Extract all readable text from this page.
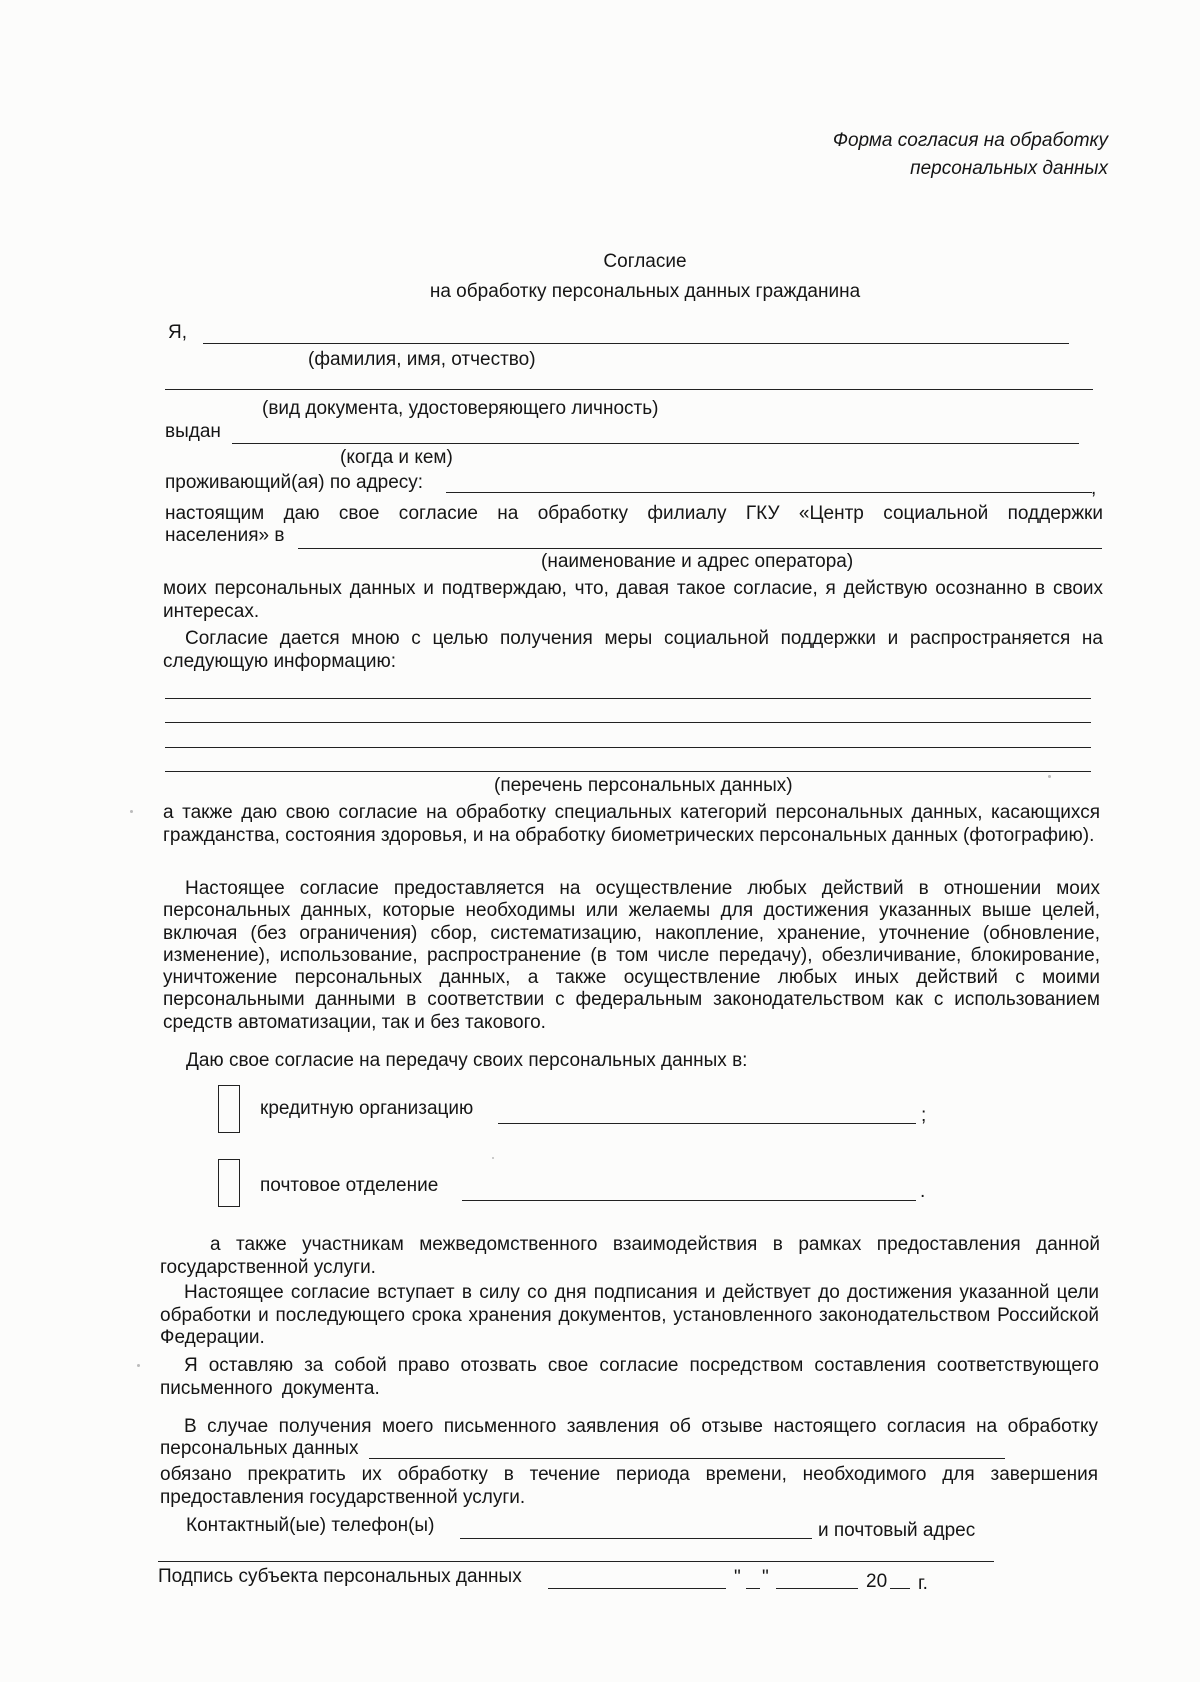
Форма согласия на обработку
персональных данных
Согласие
на обработку персональных данных гражданина
Я,
(фамилия, имя, отчество)
(вид документа, удостоверяющего личность)
выдан
(когда и кем)
проживающий(ая) по адресу:	,
настоящим даю свое согласие на обработку филиалу ГКУ «Центр социальной поддержки
населения» в
(наименование и адрес оператора)
моих персональных данных и подтверждаю, что, давая такое согласие, я действую осознанно в своих интересах.
Согласие дается мною с целью получения меры социальной поддержки и распространяется на следующую информацию:
(перечень персональных данных)
а также даю свою согласие на обработку специальных категорий персональных данных, касающихся гражданства, состояния здоровья, и на обработку биометрических персональных данных (фотографию).
Настоящее согласие предоставляется на осуществление любых действий в отношении моих персональных данных, которые необходимы или желаемы для достижения указанных выше целей, включая (без ограничения) сбор, систематизацию, накопление, хранение, уточнение (обновление, изменение), использование, распространение (в том числе передачу), обезличивание, блокирование, уничтожение персональных данных, а также осуществление любых иных действий с моими персональными данными в соответствии с федеральным законодательством как с использованием средств автоматизации, так и без такового.
Даю свое согласие на передачу своих персональных данных в:
кредитную организацию	;
почтовое отделение	.
а также участникам межведомственного взаимодействия в рамках предоставления данной государственной услуги.
Настоящее согласие вступает в силу со дня подписания и действует до достижения указанной цели обработки и последующего срока хранения документов, установленного законодательством Российской Федерации.
Я оставляю за собой право отозвать свое согласие посредством составления соответствующего письменного документа.
В случае получения моего письменного заявления об отзыве настоящего согласия на обработку
персональных данных
обязано прекратить их обработку в течение периода времени, необходимого для завершения предоставления государственной услуги.
Контактный(ые) телефон(ы)	и почтовый адрес
Подпись субъекта персональных данных	" "	20 г.
